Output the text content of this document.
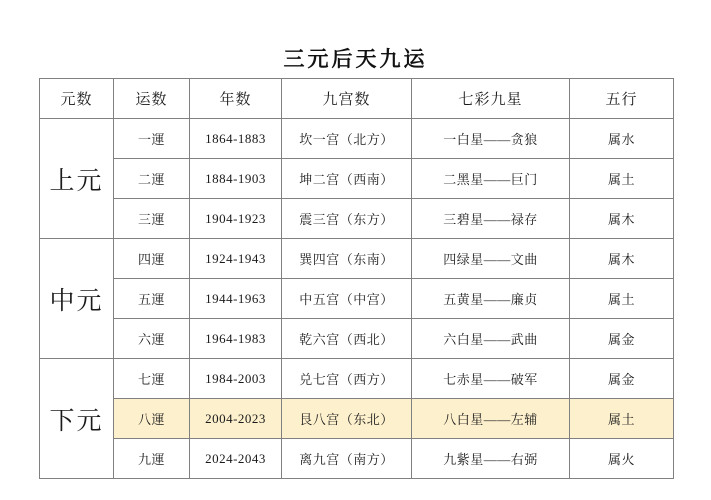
三元后天九运
元数	运数	年数	九宫数	七彩九星	五行
上元	一運	1864-1883	坎一宫（北方）	一白星——贪狼	属水
	二運	1884-1903	坤二宫（西南）	二黑星——巨门	属土
	三運	1904-1923	震三宫（东方）	三碧星——禄存	属木
中元	四運	1924-1943	巽四宫（东南）	四绿星——文曲	属木
	五運	1944-1963	中五宫（中宫）	五黄星——廉贞	属土
	六運	1964-1983	乾六宫（西北）	六白星——武曲	属金
下元	七運	1984-2003	兑七宫（西方）	七赤星——破军	属金
	八運	2004-2023	艮八宫（东北）	八白星——左辅	属土
	九運	2024-2043	离九宫（南方）	九紫星——右弼	属火
